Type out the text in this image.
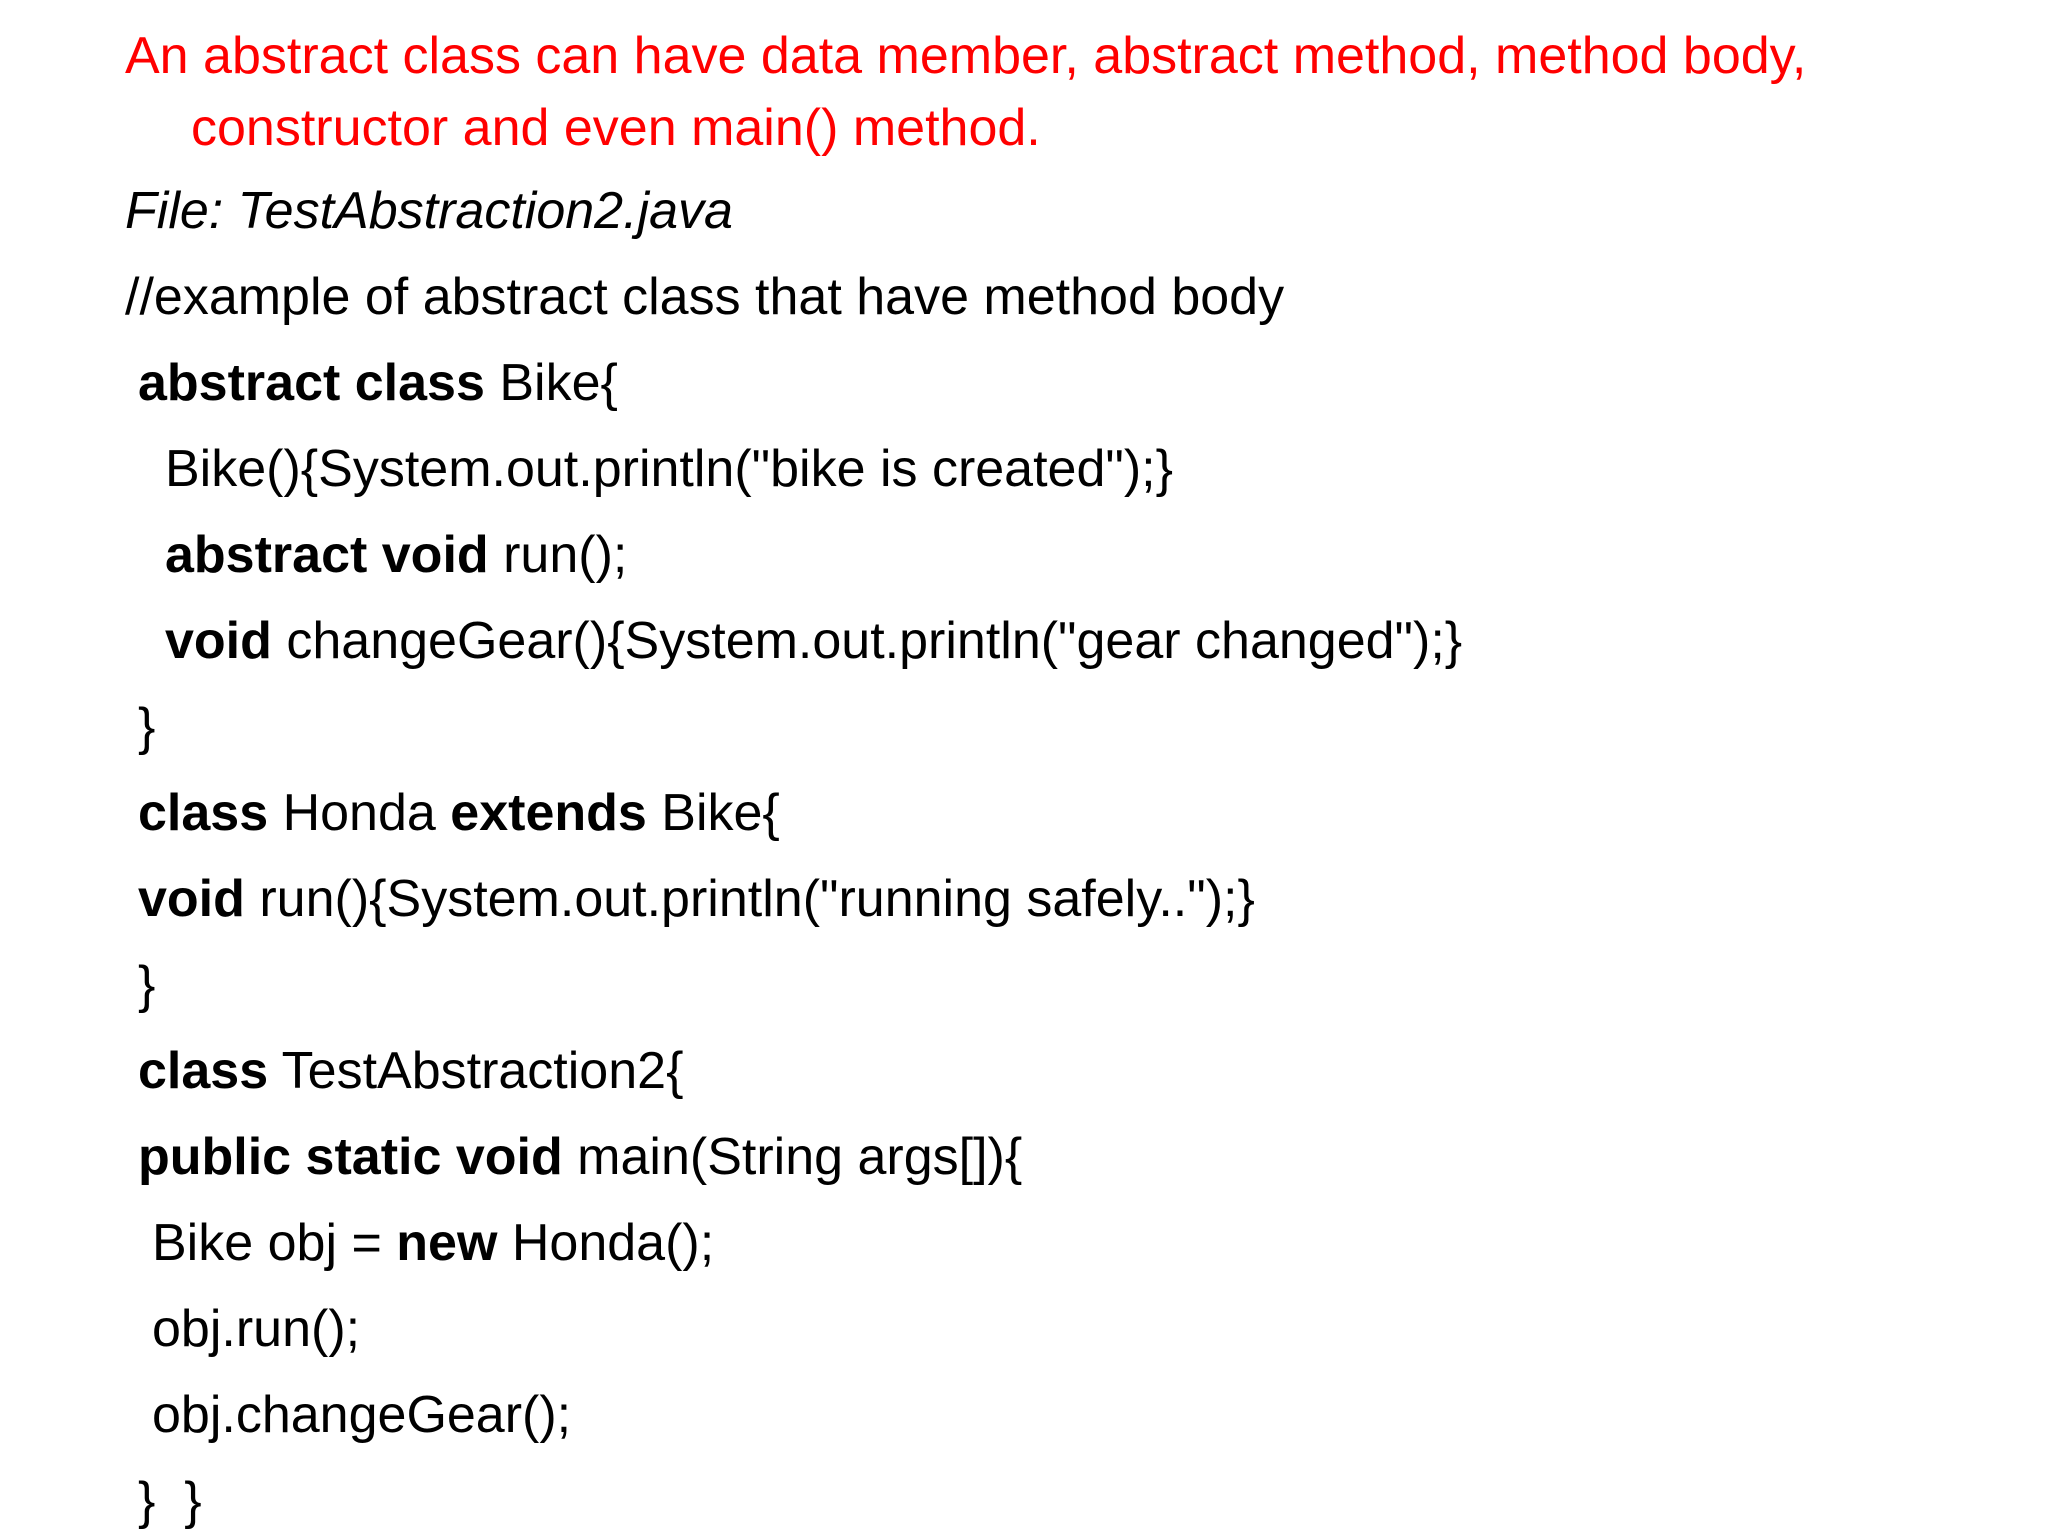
An abstract class can have data member, abstract method, method body,
constructor and even main() method.

File: TestAbstraction2.java

//example of abstract class that have method body

abstract class Bike{

Bike(){System.out.println("bike is created");}

abstract void run();

void changeGear(){System.out.println("gear changed");}

}

class Honda extends Bike{

void run(){System.out.println("running safely..");}

}

class TestAbstraction2{

public static void main(String args[]){

Bike obj = new Honda();

obj.run();

obj.changeGear();

}  }
